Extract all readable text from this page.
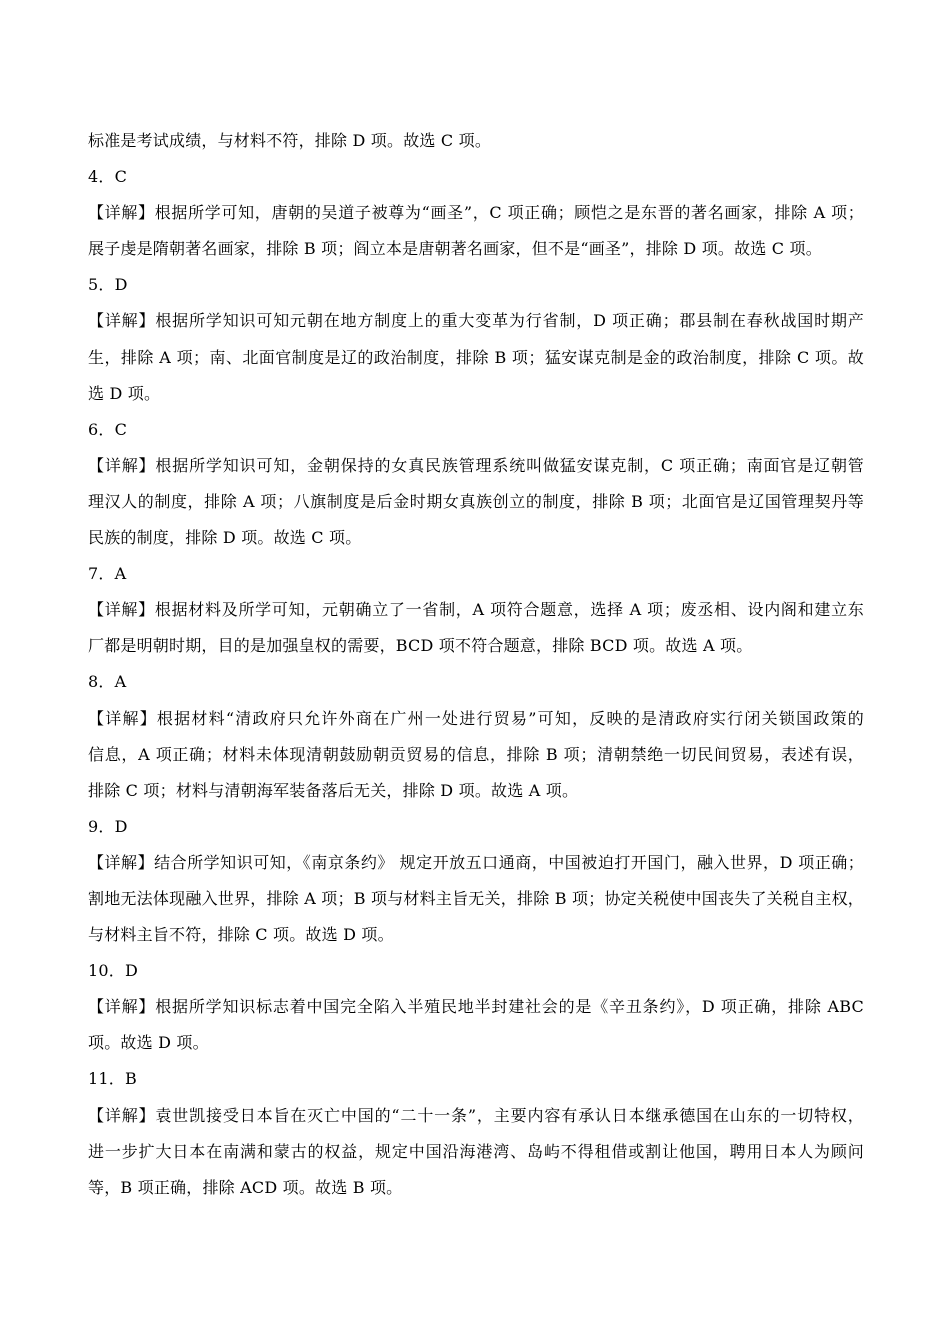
标准是考试成绩，与材料不符，排除 D 项。故选 C 项。
4．C
【详解】根据所学可知，唐朝的吴道子被尊为“画圣”，C 项正确；顾恺之是东晋的著名画家，排除 A 项；
展子虔是隋朝著名画家，排除 B 项；阎立本是唐朝著名画家，但不是“画圣”，排除 D 项。故选 C 项。
5．D
【详解】根据所学知识可知元朝在地方制度上的重大变革为行省制，D 项正确；郡县制在春秋战国时期产
生，排除 A 项；南、北面官制度是辽的政治制度，排除 B 项；猛安谋克制是金的政治制度，排除 C 项。故
选 D 项。
6．C
【详解】根据所学知识可知，金朝保持的女真民族管理系统叫做猛安谋克制，C 项正确；南面官是辽朝管
理汉人的制度，排除 A 项；八旗制度是后金时期女真族创立的制度，排除 B 项；北面官是辽国管理契丹等
民族的制度，排除 D 项。故选 C 项。
7．A
【详解】根据材料及所学可知，元朝确立了一省制，A 项符合题意，选择 A 项；废丞相、设内阁和建立东
厂都是明朝时期，目的是加强皇权的需要，BCD 项不符合题意，排除 BCD 项。故选 A 项。
8．A
【详解】根据材料“清政府只允许外商在广州一处进行贸易”可知，反映的是清政府实行闭关锁国政策的
信息，A 项正确；材料未体现清朝鼓励朝贡贸易的信息，排除 B 项；清朝禁绝一切民间贸易，表述有误，
排除 C 项；材料与清朝海军装备落后无关，排除 D 项。故选 A 项。
9．D
【详解】结合所学知识可知，《南京条约》 规定开放五口通商，中国被迫打开国门，融入世界，D 项正确；
割地无法体现融入世界，排除 A 项；B 项与材料主旨无关，排除 B 项；协定关税使中国丧失了关税自主权，
与材料主旨不符，排除 C 项。故选 D 项。
10．D
【详解】根据所学知识标志着中国完全陷入半殖民地半封建社会的是《辛丑条约》，D 项正确，排除 ABC
项。故选 D 项。
11．B
【详解】袁世凯接受日本旨在灭亡中国的“二十一条”，主要内容有承认日本继承德国在山东的一切特权，
进一步扩大日本在南满和蒙古的权益，规定中国沿海港湾、岛屿不得租借或割让他国，聘用日本人为顾问
等，B 项正确，排除 ACD 项。故选 B 项。
